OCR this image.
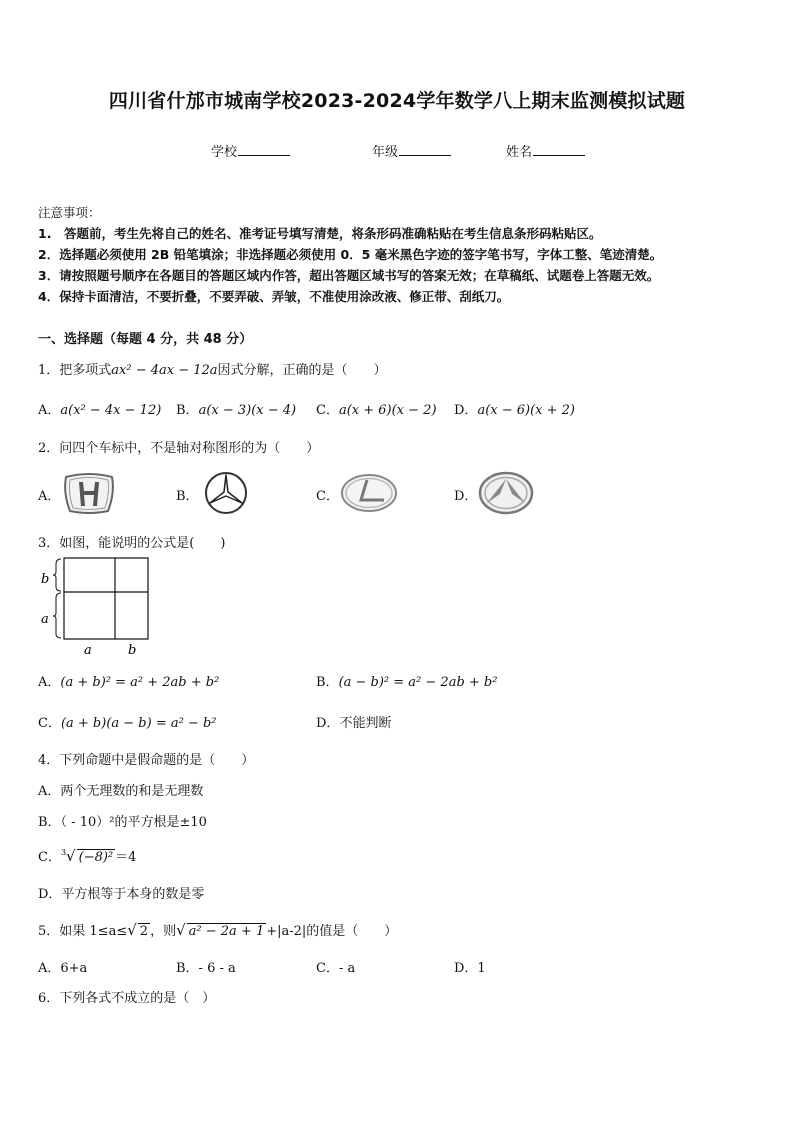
四川省什邡市城南学校2023-2024学年数学八上期末监测模拟试题
学校	年级	姓名
注意事项：
1.　答题前，考生先将自己的姓名、准考证号填写清楚，将条形码准确粘贴在考生信息条形码粘贴区。
2．选择题必须使用 2B 铅笔填涂；非选择题必须使用 0．5 毫米黑色字迹的签字笔书写，字体工整、笔迹清楚。
3．请按照题号顺序在各题目的答题区域内作答，超出答题区域书写的答案无效；在草稿纸、试题卷上答题无效。
4．保持卡面清洁，不要折叠，不要弄破、弄皱，不准使用涂改液、修正带、刮纸刀。
一、选择题（每题 4 分，共 48 分）
1．把多项式ax² − 4ax − 12a因式分解，正确的是（　　）
A．a(x² − 4x − 12) B．a(x − 3)(x − 4) C．a(x + 6)(x − 2) D．a(x − 6)(x + 2)
2．问四个车标中，不是轴对称图形的为（　　）
A．	B．	C．	D．
3．如图，能说明的公式是(　　)
b
a
a	b
A．(a + b)² = a² + 2ab + b²	B．(a − b)² = a² − 2ab + b²
C．(a + b)(a − b) = a² − b²	D．不能判断
4．下列命题中是假命题的是（　　）
A．两个无理数的和是无理数
B．（ - 10）²的平方根是±10
C．$^3$√ (−8)² ＝4
D．平方根等于本身的数是零
5．如果 1≤a≤√ 2 ，则√ a² − 2a + 1 +|a-2|的值是（　　）
A．6+a	B．- 6 - a	C．- a	D．1
6．下列各式不成立的是（　）
